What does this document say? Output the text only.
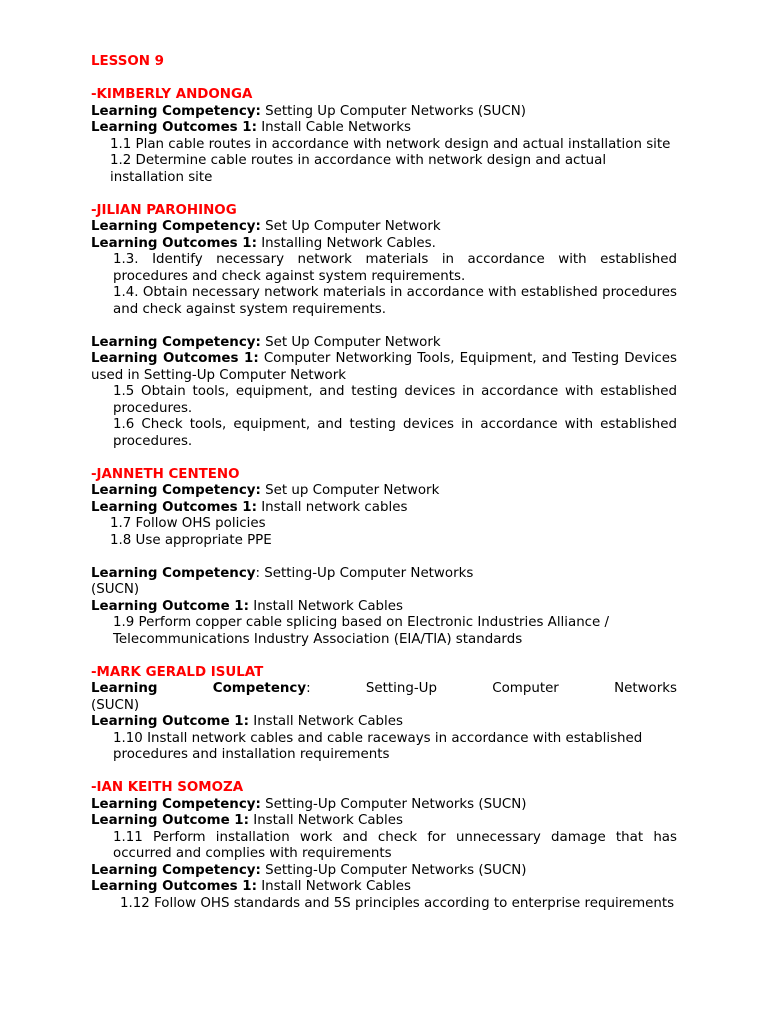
LESSON 9
-KIMBERLY ANDONGA
Learning Competency: Setting Up Computer Networks (SUCN)
Learning Outcomes 1: Install Cable Networks
1.1 Plan cable routes in accordance with network design and actual installation site
1.2 Determine cable routes in accordance with network design and actual installation site
-JILIAN PAROHINOG
Learning Competency: Set Up Computer Network
Learning Outcomes 1: Installing Network Cables.
1.3. Identify necessary network materials in accordance with established procedures and check against system requirements.
1.4. Obtain necessary network materials in accordance with established procedures and check against system requirements.
Learning Competency: Set Up Computer Network
Learning Outcomes 1: Computer Networking Tools, Equipment, and Testing Devices used in Setting-Up Computer Network
1.5 Obtain tools, equipment, and testing devices in accordance with established procedures.
1.6 Check tools, equipment, and testing devices in accordance with established procedures.
-JANNETH CENTENO
Learning Competency: Set up Computer Network
Learning Outcomes 1: Install network cables
1.7 Follow OHS policies
1.8 Use appropriate PPE
Learning Competency: Setting-Up Computer Networks
(SUCN)
Learning Outcome 1: Install Network Cables
1.9 Perform copper cable splicing based on Electronic Industries Alliance / Telecommunications Industry Association (EIA/TIA) standards
-MARK GERALD ISULAT
Learning	Competency:	Setting-Up	Computer	Networks
(SUCN)
Learning Outcome 1: Install Network Cables
1.10 Install network cables and cable raceways in accordance with established procedures and installation requirements
-IAN KEITH SOMOZA
Learning Competency: Setting-Up Computer Networks (SUCN)
Learning Outcome 1: Install Network Cables
1.11 Perform installation work and check for unnecessary damage that has occurred and complies with requirements
Learning Competency: Setting-Up Computer Networks (SUCN)
Learning Outcomes 1: Install Network Cables
1.12 Follow OHS standards and 5S principles according to enterprise requirements
